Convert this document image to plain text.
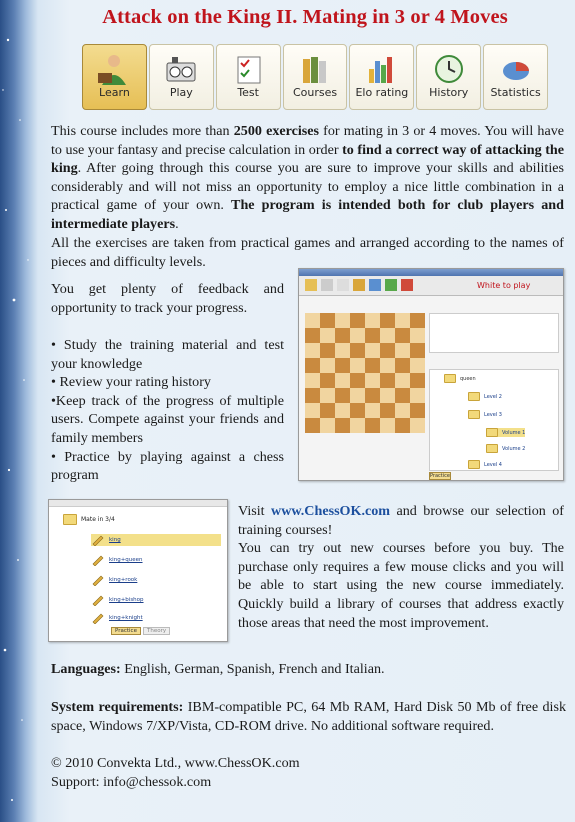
Attack on the King II. Mating in 3 or 4 Moves
Learn	Play	Test	Courses Elo rating History Statistics
This course includes more than 2500 exercises for mating in 3 or 4 moves. You will have to use your fantasy and precise calculation in order to find a correct way of attacking the king. After going through this course you are sure to improve your skills and abilities considerably and will not miss an opportunity to employ a nice little combination in a practical game of your own. The program is intended both for club players and intermediate players.
All the exercises are taken from practical games and arranged according to the names of pieces and difficulty levels.
You get plenty of feedback and opportunity to track your progress.
• Study the training material and test your knowledge
• Review your rating history
•Keep track of the progress of multiple users. Compete against your friends and family members
• Practice by playing against a chess program
White to play
queen
Level 2
Level 3
Volume 1
Volume 2
Level 4
Practice
Mate in 3/4
king
king+queen
king+rook
king+bishop
king+knight
Practice	Theory
Visit www.ChessOK.com and browse our selection of training courses!
You can try out new courses before you buy. The purchase only requires a few mouse clicks and you will be able to start using the new course immediately. Quickly build a library of courses that address exactly those areas that need the most improvement.
Languages: English, German, Spanish, French and Italian.
System requirements: IBM-compatible PC, 64 Mb RAM, Hard Disk 50 Mb of free disk space, Windows 7/XP/Vista, CD-ROM drive. No additional software required.
© 2010 Convekta Ltd., www.ChessOK.com
Support: info@chessok.com
